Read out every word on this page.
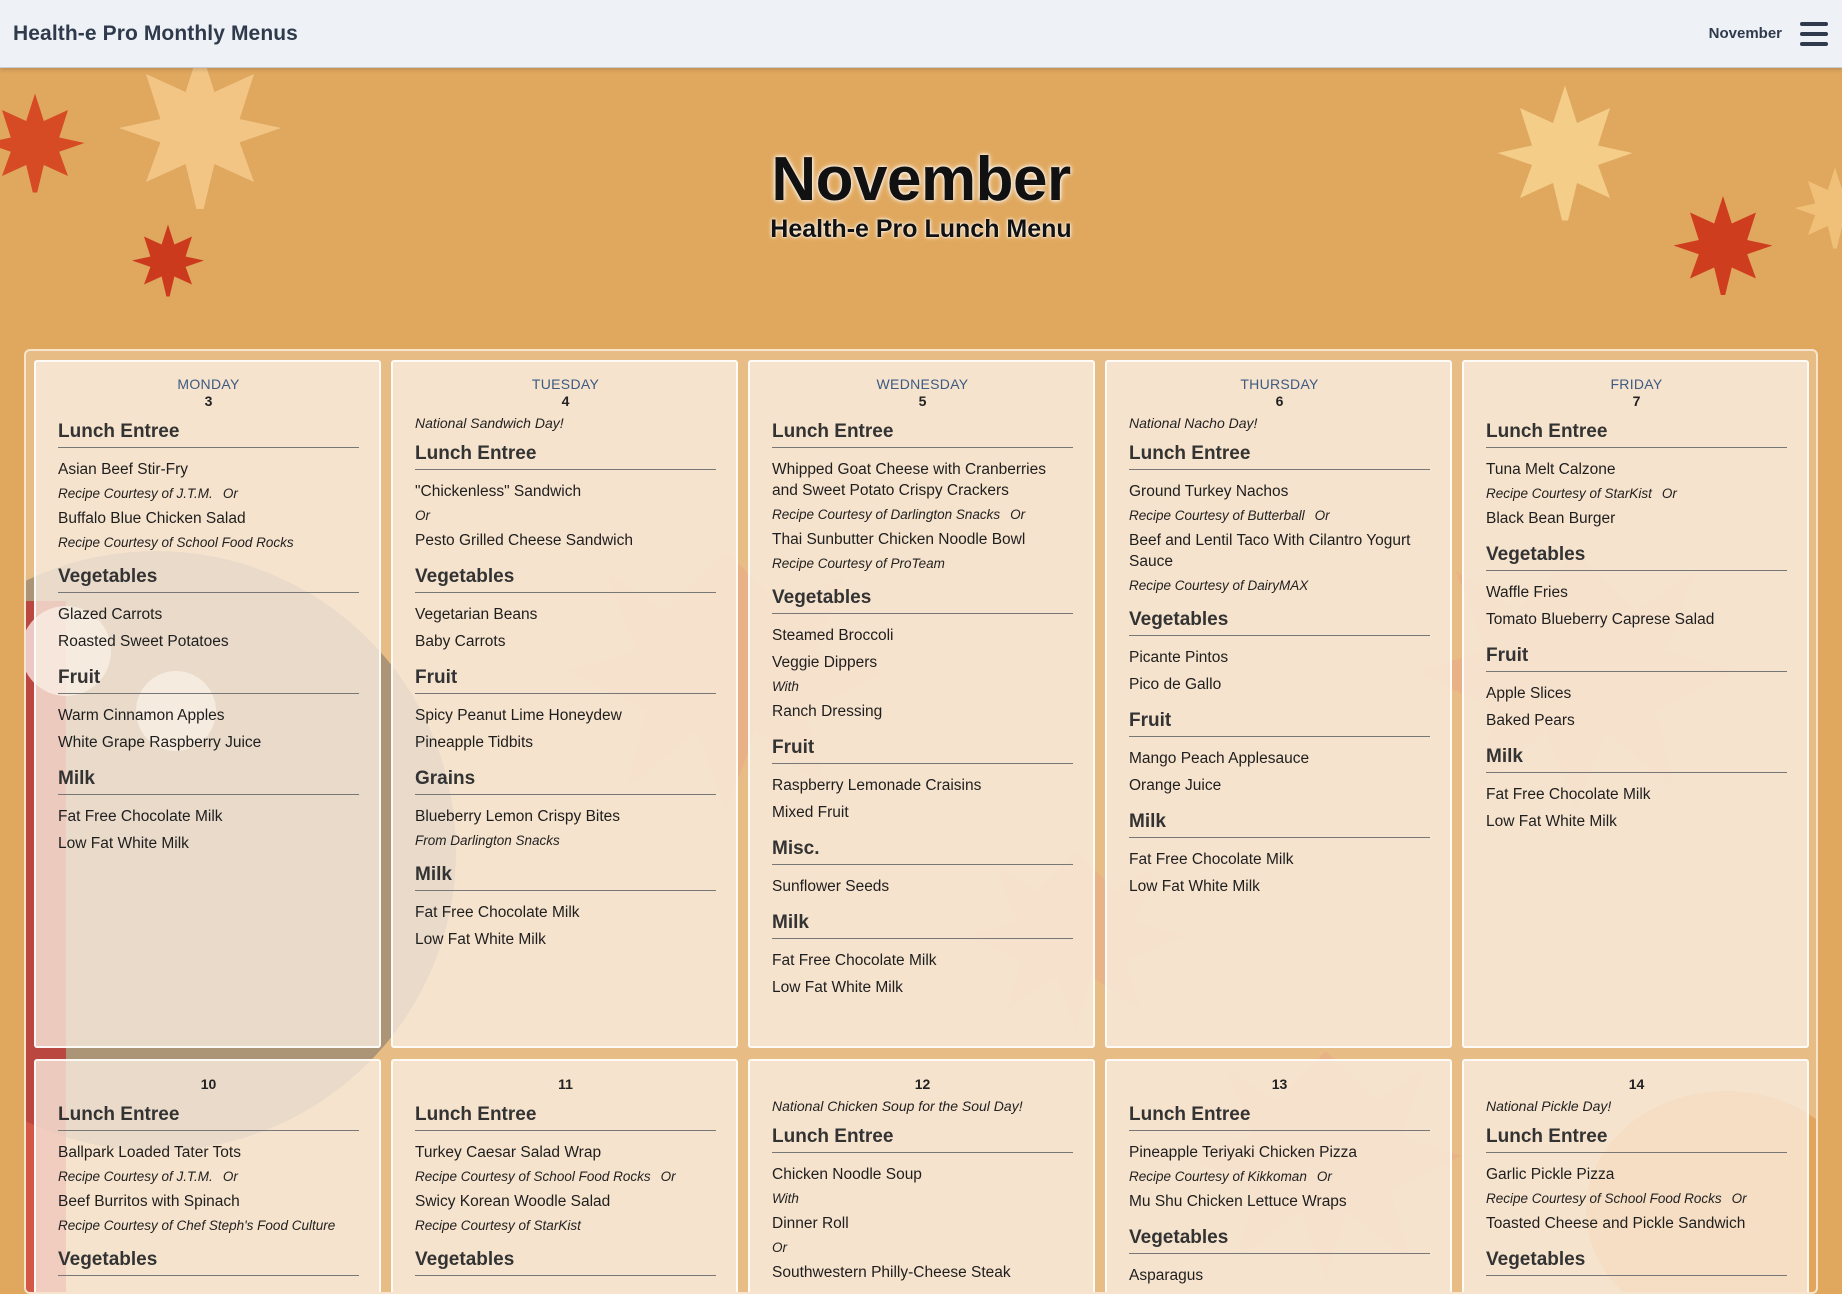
Health-e Pro Monthly Menus	November
November
Health-e Pro Lunch Menu
MONDAY
3
Lunch Entree
Asian Beef Stir-Fry
Recipe Courtesy of J.T.M. Or
Buffalo Blue Chicken Salad
Recipe Courtesy of School Food Rocks
Vegetables
Glazed Carrots
Roasted Sweet Potatoes
Fruit
Warm Cinnamon Apples
White Grape Raspberry Juice
Milk
Fat Free Chocolate Milk
Low Fat White Milk
TUESDAY
4
National Sandwich Day!
Lunch Entree
"Chickenless" Sandwich
Or
Pesto Grilled Cheese Sandwich
Vegetables
Vegetarian Beans
Baby Carrots
Fruit
Spicy Peanut Lime Honeydew
Pineapple Tidbits
Grains
Blueberry Lemon Crispy Bites
From Darlington Snacks
Milk
Fat Free Chocolate Milk
Low Fat White Milk
WEDNESDAY
5
Lunch Entree
Whipped Goat Cheese with Cranberries and Sweet Potato Crispy Crackers
Recipe Courtesy of Darlington Snacks Or
Thai Sunbutter Chicken Noodle Bowl
Recipe Courtesy of ProTeam
Vegetables
Steamed Broccoli
Veggie Dippers
With
Ranch Dressing
Fruit
Raspberry Lemonade Craisins
Mixed Fruit
Misc.
Sunflower Seeds
Milk
Fat Free Chocolate Milk
Low Fat White Milk
THURSDAY
6
National Nacho Day!
Lunch Entree
Ground Turkey Nachos
Recipe Courtesy of Butterball Or
Beef and Lentil Taco With Cilantro Yogurt Sauce
Recipe Courtesy of DairyMAX
Vegetables
Picante Pintos
Pico de Gallo
Fruit
Mango Peach Applesauce
Orange Juice
Milk
Fat Free Chocolate Milk
Low Fat White Milk
FRIDAY
7
Lunch Entree
Tuna Melt Calzone
Recipe Courtesy of StarKist Or
Black Bean Burger
Vegetables
Waffle Fries
Tomato Blueberry Caprese Salad
Fruit
Apple Slices
Baked Pears
Milk
Fat Free Chocolate Milk
Low Fat White Milk
10
Lunch Entree
Ballpark Loaded Tater Tots
Recipe Courtesy of J.T.M. Or
Beef Burritos with Spinach
Recipe Courtesy of Chef Steph's Food Culture
Vegetables
11
Lunch Entree
Turkey Caesar Salad Wrap
Recipe Courtesy of School Food Rocks Or
Swicy Korean Woodle Salad
Recipe Courtesy of StarKist
Vegetables
12
National Chicken Soup for the Soul Day!
Lunch Entree
Chicken Noodle Soup
With
Dinner Roll
Or
Southwestern Philly-Cheese Steak
13
Lunch Entree
Pineapple Teriyaki Chicken Pizza
Recipe Courtesy of Kikkoman Or
Mu Shu Chicken Lettuce Wraps
Vegetables
Asparagus
14
National Pickle Day!
Lunch Entree
Garlic Pickle Pizza
Recipe Courtesy of School Food Rocks Or
Toasted Cheese and Pickle Sandwich
Vegetables
